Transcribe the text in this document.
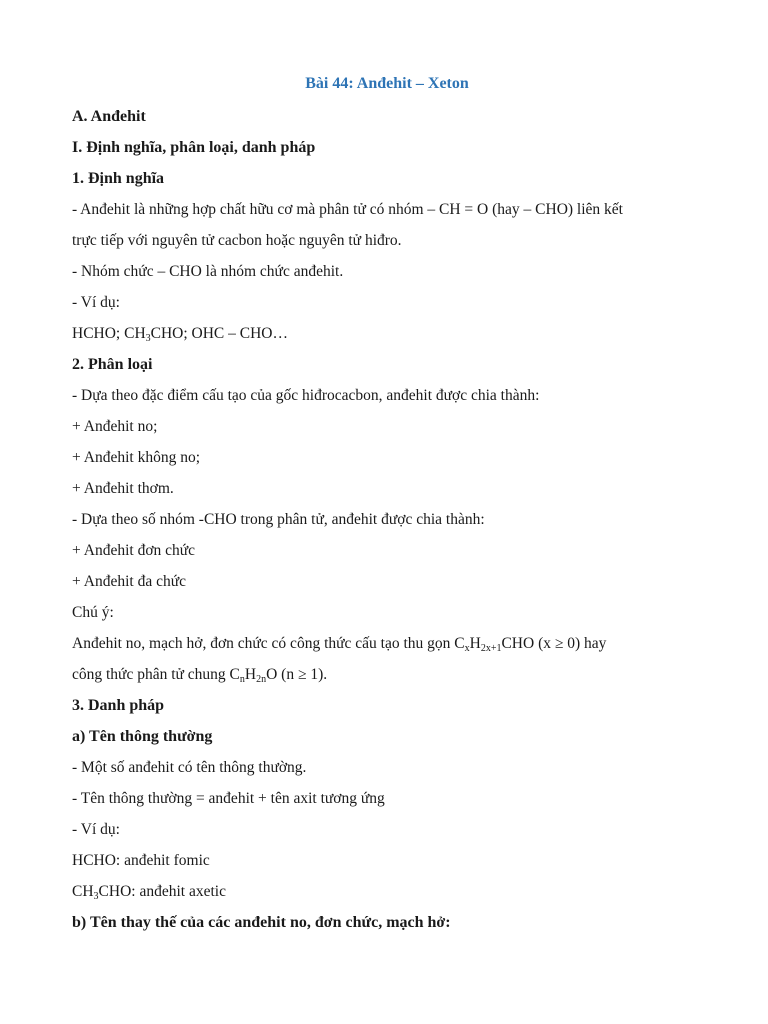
Bài 44: Anđehit – Xeton

A. Anđehit

I. Định nghĩa, phân loại, danh pháp

1. Định nghĩa

- Anđehit là những hợp chất hữu cơ mà phân tử có nhóm – CH = O (hay – CHO) liên kết

trực tiếp với nguyên tử cacbon hoặc nguyên tử hiđro.

- Nhóm chức – CHO là nhóm chức anđehit.

- Ví dụ:

HCHO; $CH_3CHO$; OHC – CHO…

2. Phân loại

- Dựa theo đặc điểm cấu tạo của gốc hiđrocacbon, anđehit được chia thành:

+ Anđehit no;

+ Anđehit không no;

+ Anđehit thơm.

- Dựa theo số nhóm -CHO trong phân tử, anđehit được chia thành:

+ Anđehit đơn chức

+ Anđehit đa chức

Chú ý:

Anđehit no, mạch hở, đơn chức có công thức cấu tạo thu gọn $C_xH_{2x+1}CHO$ (x ≥ 0) hay

công thức phân tử chung $C_nH_{2n}O$ (n ≥ 1).

3. Danh pháp

a) Tên thông thường

- Một số anđehit có tên thông thường.

- Tên thông thường = anđehit + tên axit tương ứng

- Ví dụ:

HCHO: anđehit fomic

$CH_3CHO$: anđehit axetic

b) Tên thay thế của các anđehit no, đơn chức, mạch hở:
